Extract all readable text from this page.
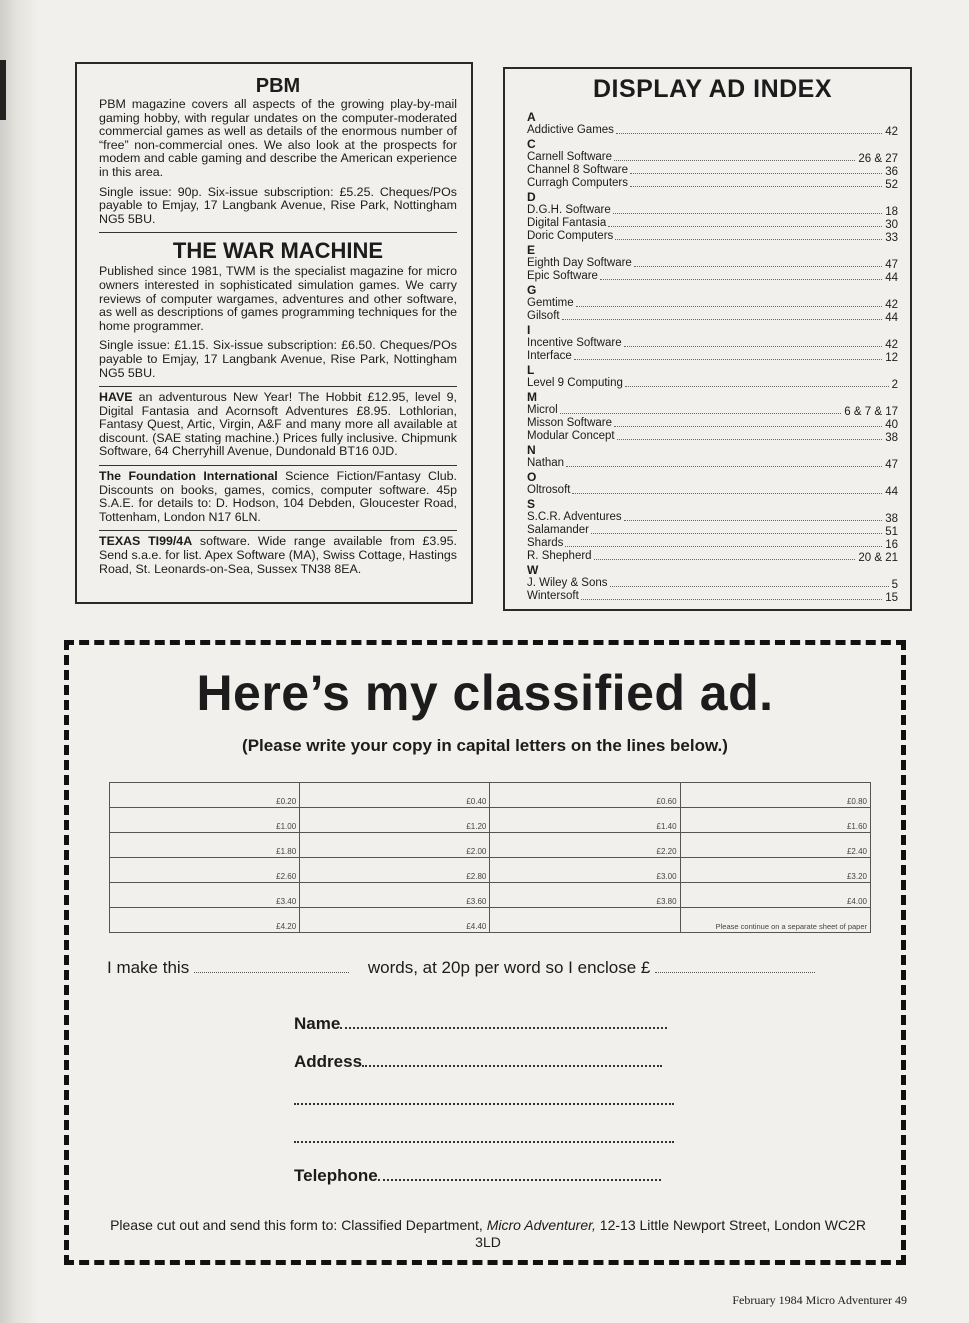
PBM

PBM magazine covers all aspects of the growing play-by-mail gaming hobby, with regular undates on the computer-moderated commercial games as well as details of the enormous number of “free” non-commercial ones. We also look at the prospects for modem and cable gaming and describe the American experience in this area.

Single issue: 90p. Six-issue subscription: £5.25. Cheques/POs payable to Emjay, 17 Langbank Avenue, Rise Park, Nottingham NG5 5BU.

THE WAR MACHINE

Published since 1981, TWM is the specialist magazine for micro owners interested in sophisticated simulation games. We carry reviews of computer wargames, adventures and other software, as well as descriptions of games programming techniques for the home programmer.

Single issue: £1.15. Six-issue subscription: £6.50. Cheques/POs payable to Emjay, 17 Langbank Avenue, Rise Park, Nottingham NG5 5BU.

HAVE an adventurous New Year! The Hobbit £12.95, level 9, Digital Fantasia and Acornsoft Adventures £8.95. Lothlorian, Fantasy Quest, Artic, Virgin, A&F and many more all available at discount. (SAE stating machine.) Prices fully inclusive. Chipmunk Software, 64 Cherryhill Avenue, Dundonald BT16 0JD.

The Foundation International Science Fiction/Fantasy Club. Discounts on books, games, comics, computer software. 45p S.A.E. for details to: D. Hodson, 104 Debden, Gloucester Road, Tottenham, London N17 6LN.

TEXAS TI99/4A software. Wide range available from £3.95. Send s.a.e. for list. Apex Software (MA), Swiss Cottage, Hastings Road, St. Leonards-on-Sea, Sussex TN38 8EA.

DISPLAY AD INDEX
A
Addictive Games	42
C
Carnell Software	26 & 27
Channel 8 Software	36
Curragh Computers	52
D
D.G.H. Software	18
Digital Fantasia	30
Doric Computers	33
E
Eighth Day Software	47
Epic Software	44
G
Gemtime	42
Gilsoft	44
I
Incentive Software	42
Interface	12
L
Level 9 Computing	2
M
Microl	6 & 7 & 17
Misson Software	40
Modular Concept	38
N
Nathan	47
O
Oltrosoft	44
S
S.C.R. Adventures	38
Salamander	51
Shards	16
R. Shepherd	20 & 21
W
J. Wiley & Sons	5
Wintersoft	15
Here’s my classified ad.
(Please write your copy in capital letters on the lines below.)
£0.20	£0.40	£0.60	£0.80
£1.00	£1.20	£1.40	£1.60
£1.80	£2.00	£2.20	£2.40
£2.60	£2.80	£3.00	£3.20
£3.40	£3.60	£3.80	£4.00
£4.20	£4.40		Please continue on a separate sheet of paper
I make this	words, at 20p per word so I enclose £
Name
Address
Telephone
Please cut out and send this form to: Classified Department, Micro Adventurer, 12-13 Little Newport Street, London WC2R 3LD
February 1984 Micro Adventurer 49
